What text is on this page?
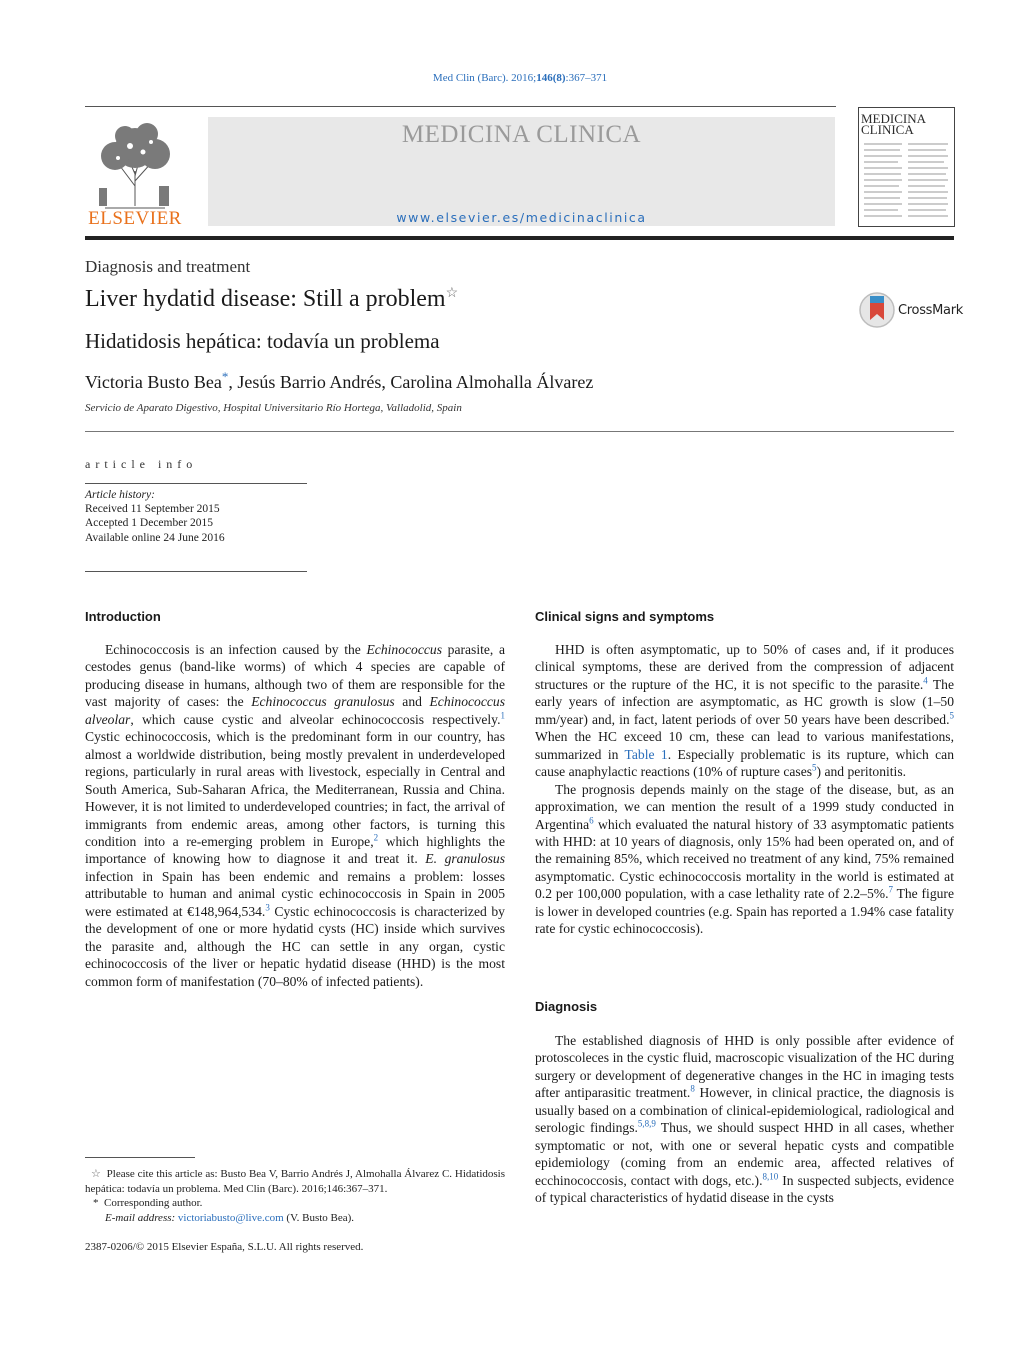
Med Clin (Barc). 2016;146(8):367–371
ELSEVIER
MEDICINA CLINICA
www.elsevier.es/medicinaclinica
MEDICINA
CLINICA
Diagnosis and treatment
Liver hydatid disease: Still a problem☆
CrossMark
Hidatidosis hepática: todavía un problema
Victoria Busto Bea*, Jesús Barrio Andrés, Carolina Almohalla Álvarez
Servicio de Aparato Digestivo, Hospital Universitario Río Hortega, Valladolid, Spain
article info
Article history:
Received 11 September 2015
Accepted 1 December 2015
Available online 24 June 2016
Introduction

Echinococcosis is an infection caused by the Echinococcus parasite, a cestodes genus (band-like worms) of which 4 species are capable of producing disease in humans, although two of them are responsible for the vast majority of cases: the Echinococcus granulosus and Echinococcus alveolar, which cause cystic and alveolar echinococcosis respectively.$^1$ Cystic echinococcosis, which is the predominant form in our country, has almost a worldwide distribution, being mostly prevalent in underdeveloped regions, particularly in rural areas with livestock, especially in Central and South America, Sub-Saharan Africa, the Mediterranean, Russia and China. However, it is not limited to underdeveloped countries; in fact, the arrival of immigrants from endemic areas, among other factors, is turning this condition into a re-emerging problem in Europe,$^2$ which highlights the importance of knowing how to diagnose it and treat it. E. granulosus infection in Spain has been endemic and remains a problem: losses attributable to human and animal cystic echinococcosis in Spain in 2005 were estimated at €148,964,534.$^3$ Cystic echinococcosis is characterized by the development of one or more hydatid cysts (HC) inside which survives the parasite and, although the HC can settle in any organ, cystic echinococcosis of the liver or hepatic hydatid disease (HHD) is the most common form of manifestation (70–80% of infected patients).

Clinical signs and symptoms

HHD is often asymptomatic, up to 50% of cases and, if it produces clinical symptoms, these are derived from the compression of adjacent structures or the rupture of the HC, it is not specific to the parasite.$^4$ The early years of infection are asymptomatic, as HC growth is slow (1–50 mm/year) and, in fact, latent periods of over 50 years have been described.$^5$ When the HC exceed 10 cm, these can lead to various manifestations, summarized in Table 1. Especially problematic is its rupture, which can cause anaphylactic reactions (10% of rupture cases$^5$) and peritonitis.

The prognosis depends mainly on the stage of the disease, but, as an approximation, we can mention the result of a 1999 study conducted in Argentina$^6$ which evaluated the natural history of 33 asymptomatic patients with HHD: at 10 years of diagnosis, only 15% had been operated on, and of the remaining 85%, which received no treatment of any kind, 75% remained asymptomatic. Cystic echinococcosis mortality in the world is estimated at 0.2 per 100,000 population, with a case lethality rate of 2.2–5%.$^7$ The figure is lower in developed countries (e.g. Spain has reported a 1.94% case fatality rate for cystic echinococcosis).

Diagnosis

The established diagnosis of HHD is only possible after evidence of protoscoleces in the cystic fluid, macroscopic visualization of the HC during surgery or development of degenerative changes in the HC in imaging tests after antiparasitic treatment.$^8$ However, in clinical practice, the diagnosis is usually based on a combination of clinical-epidemiological, radiological and serologic findings.$^{5,8,9}$ Thus, we should suspect HHD in all cases, whether symptomatic or not, with one or several hepatic cysts and compatible epidemiology (coming from an endemic area, affected relatives of ecchinococcosis, contact with dogs, etc.).$^{8,10}$ In suspected subjects, evidence of typical characteristics of hydatid disease in the cysts

☆ Please cite this article as: Busto Bea V, Barrio Andrés J, Almohalla Álvarez C. Hidatidosis hepática: todavía un problema. Med Clin (Barc). 2016;146:367–371.

* Corresponding author.

E-mail address: victoriabusto@live.com (V. Busto Bea).

2387-0206/© 2015 Elsevier España, S.L.U. All rights reserved.
